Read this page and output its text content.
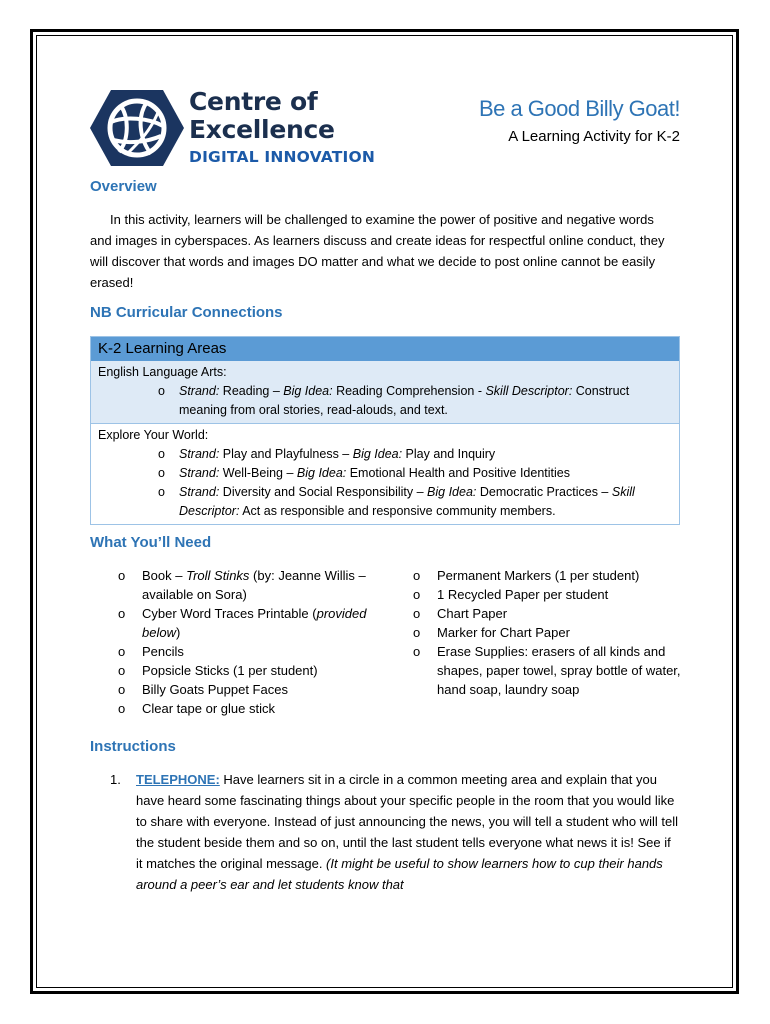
Centre of
Excellence
DIGITAL INNOVATION
Be a Good Billy Goat!
A Learning Activity for K-2
Overview
In this activity, learners will be challenged to examine the power of positive and negative words and images in cyberspaces. As learners discuss and create ideas for respectful online conduct, they will discover that words and images DO matter and what we decide to post online cannot be easily erased!
NB Curricular Connections
K-2 Learning Areas
English Language Arts:
o Strand: Reading – Big Idea: Reading Comprehension - Skill Descriptor: Construct meaning from oral stories, read-alouds, and text.
Explore Your World:
o Strand: Play and Playfulness – Big Idea: Play and Inquiry
o Strand: Well-Being – Big Idea: Emotional Health and Positive Identities
o Strand: Diversity and Social Responsibility – Big Idea: Democratic Practices – Skill Descriptor: Act as responsible and responsive community members.
What You’ll Need
o Book – Troll Stinks (by: Jeanne Willis – available on Sora)
o Cyber Word Traces Printable (provided below)
o Pencils
o Popsicle Sticks (1 per student)
o Billy Goats Puppet Faces
o Clear tape or glue stick
o Permanent Markers (1 per student)
o 1 Recycled Paper per student
o Chart Paper
o Marker for Chart Paper
o Erase Supplies: erasers of all kinds and shapes, paper towel, spray bottle of water, hand soap, laundry soap
Instructions
1.	TELEPHONE: Have learners sit in a circle in a common meeting area and explain that you have heard some fascinating things about your specific people in the room that you would like to share with everyone. Instead of just announcing the news, you will tell a student who will tell the student beside them and so on, until the last student tells everyone what news it is! See if it matches the original message. (It might be useful to show learners how to cup their hands around a peer’s ear and let students know that
